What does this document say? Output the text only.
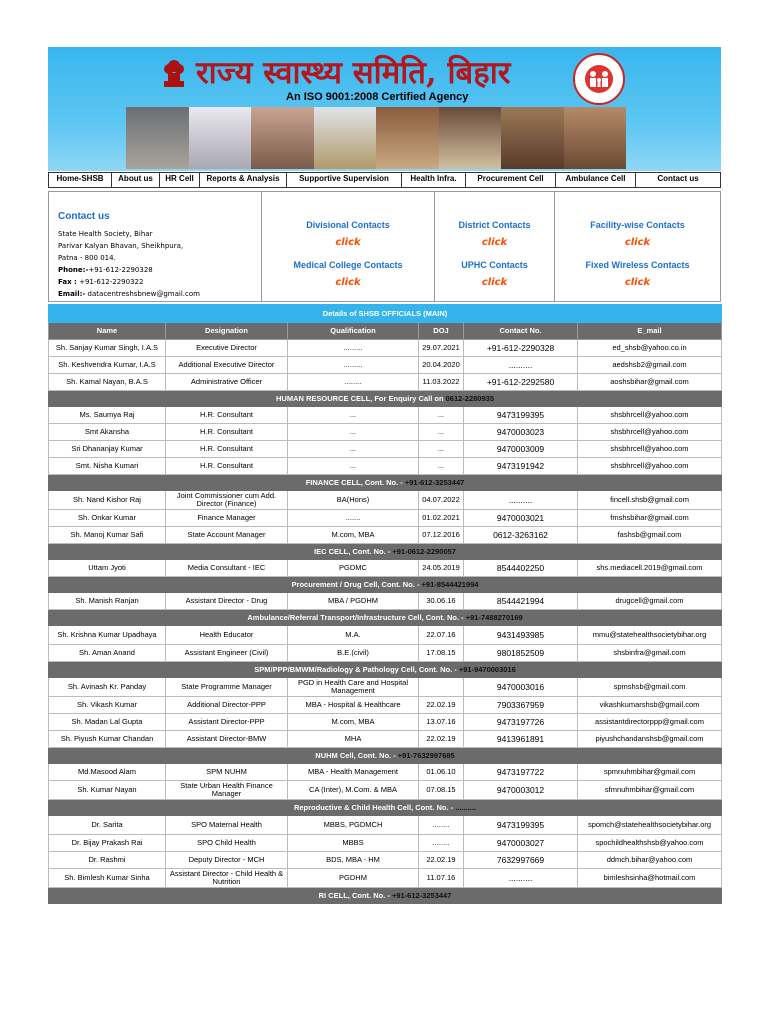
राज्य स्वास्थ्य समिति, बिहार
An ISO 9001:2008 Certified Agency
Home-SHSB	About us	HR Cell	Reports & Analysis	Supportive Supervision	Health Infra.	Procurement Cell	Ambulance Cell	Contact us
Contact us
State Health Society, Bihar
Parivar Kalyan Bhavan, Sheikhpura,
Patna - 800 014.
Phone:-+91-612-2290328
Fax : +91-612-2290322
Email:- datacentreshsbnew@gmail.com
Divisional Contacts
click
Medical College Contacts
click
District Contacts
click
UPHC Contacts
click
Facility-wise Contacts
click
Fixed Wireless Contacts
click
Details of SHSB OFFICIALS (MAIN)					
Name	Designation	Qualification	DOJ	Contact No.	E_mail
Sh. Sanjay Kumar Singh, I.A.S	Executive Director	.........	29.07.2021	+91-612-2290328	ed_shsb@yahoo.co.in
Sh. Keshvendra Kumar, I.A.S	Additional Executive Director	.........	20.04.2020	..........	aedshsb2@gmail.com
Sh. Kamal Nayan, B.A.S	Administrative Officer	........	11.03.2022	+91-612-2292580	aoshsbihar@gmail.com
HUMAN RESOURCE CELL, For Enquiry Call on 0612-2280935					
Ms. Saumya Raj	H.R. Consultant	...	...	9473199395	shsbhrcell@yahoo.com
Smt Akansha	H.R. Consultant	...	...	9470003023	shsbhrcell@yahoo.com
Sri Dhananjay Kumar	H.R. Consultant	...	...	9470003009	shsbhrcell@yahoo.com
Smt. Nisha Kumari	H.R. Consultant	...	...	9473191942	shsbhrcell@yahoo.com
FINANCE CELL, Cont. No. - +91-612-3253447					
Sh. Nand Kishor Raj	Joint Commissioner cum Add. Director (Finance)	BA(Hons)	04.07.2022	..........	fincell.shsb@gmail.com
Sh. Onkar Kumar	Finance Manager	.......	01.02.2021	9470003021	fmshsbihar@gmail.com
Sh. Manoj Kumar Safi	State Account Manager	M.com, MBA	07.12.2016	0612-3263162	fashsb@gmail.com
IEC CELL, Cont. No. - +91-0612-2290057					
Uttam Jyoti	Media Consultant - IEC	PGDMC	24.05.2019	8544402250	shs.mediacell.2019@gmail.com
Procurement / Drug Cell, Cont. No. - +91-8544421994					
Sh. Manish Ranjan	Assistant Director - Drug	MBA / PGDHM	30.06.16	8544421994	drugcell@gmail.com
Ambulance/Referral Transport/Infrastructure Cell, Cont. No. - +91-7488270169					
Sh. Krishna Kumar Upadhaya	Health Educator	M.A.	22.07.16	9431493985	mmu@statehealthsocietybihar.org
Sh. Aman Anand	Assistant Engineer (Civil)	B.E.(civil)	17.08.15	9801852509	shsbinfra@gmail.com
SPM/PPP/BMWM/Radiology & Pathology Cell, Cont. No. - +91-9470003016					
Sh. Avinash Kr. Panday	State Programme Manager	PGD in Health Care and Hospital Management		9470003016	spmshsb@gmail.com
Sh. Vikash Kumar	Additional Director-PPP	MBA - Hospital & Healthcare	22.02.19	7903367959	vikashkumarshsb@gmail.com
Sh. Madan Lal Gupta	Assistant Director-PPP	M.com, MBA	13.07.16	9473197726	assistantdirectorppp@gmail.com
Sh. Piyush Kumar Chandan	Assistant Director-BMW	MHA	22.02.19	9413961891	piyushchandanshsb@gmail.com
NUHM Cell, Cont. No. - +91-7632997685					
Md.Masood Alam	SPM NUHM	MBA - Health Management	01.06.10	9473197722	spmnuhmbihar@gmail.com
Sh. Kumar Nayan	State Urban Health Finance Manager	CA (Inter), M.Com. & MBA	07.08.15	9470003012	sfmnuhmbihar@gmail.com
Reproductive & Child Health Cell, Cont. No. - ..........					
Dr. Sarita	SPO Maternal Health	MBBS, PGDMCH	........	9473199395	spomch@statehealthsocietybihar.org
Dr. Bijay Prakash Rai	SPO Child Health	MBBS	........	9470003027	spochildhealthshsb@yahoo.com
Dr. Rashmi	Deputy Director - MCH	BDS, MBA - HM	22.02.19	7632997669	ddmch.bihar@yahoo.com
Sh. Bimlesh Kumar Sinha	Assistant Director - Child Health & Nutrition	PGDHM	11.07.16	..........	bimleshsinha@hotmail.com
RI CELL, Cont. No. - +91-612-3253447					
